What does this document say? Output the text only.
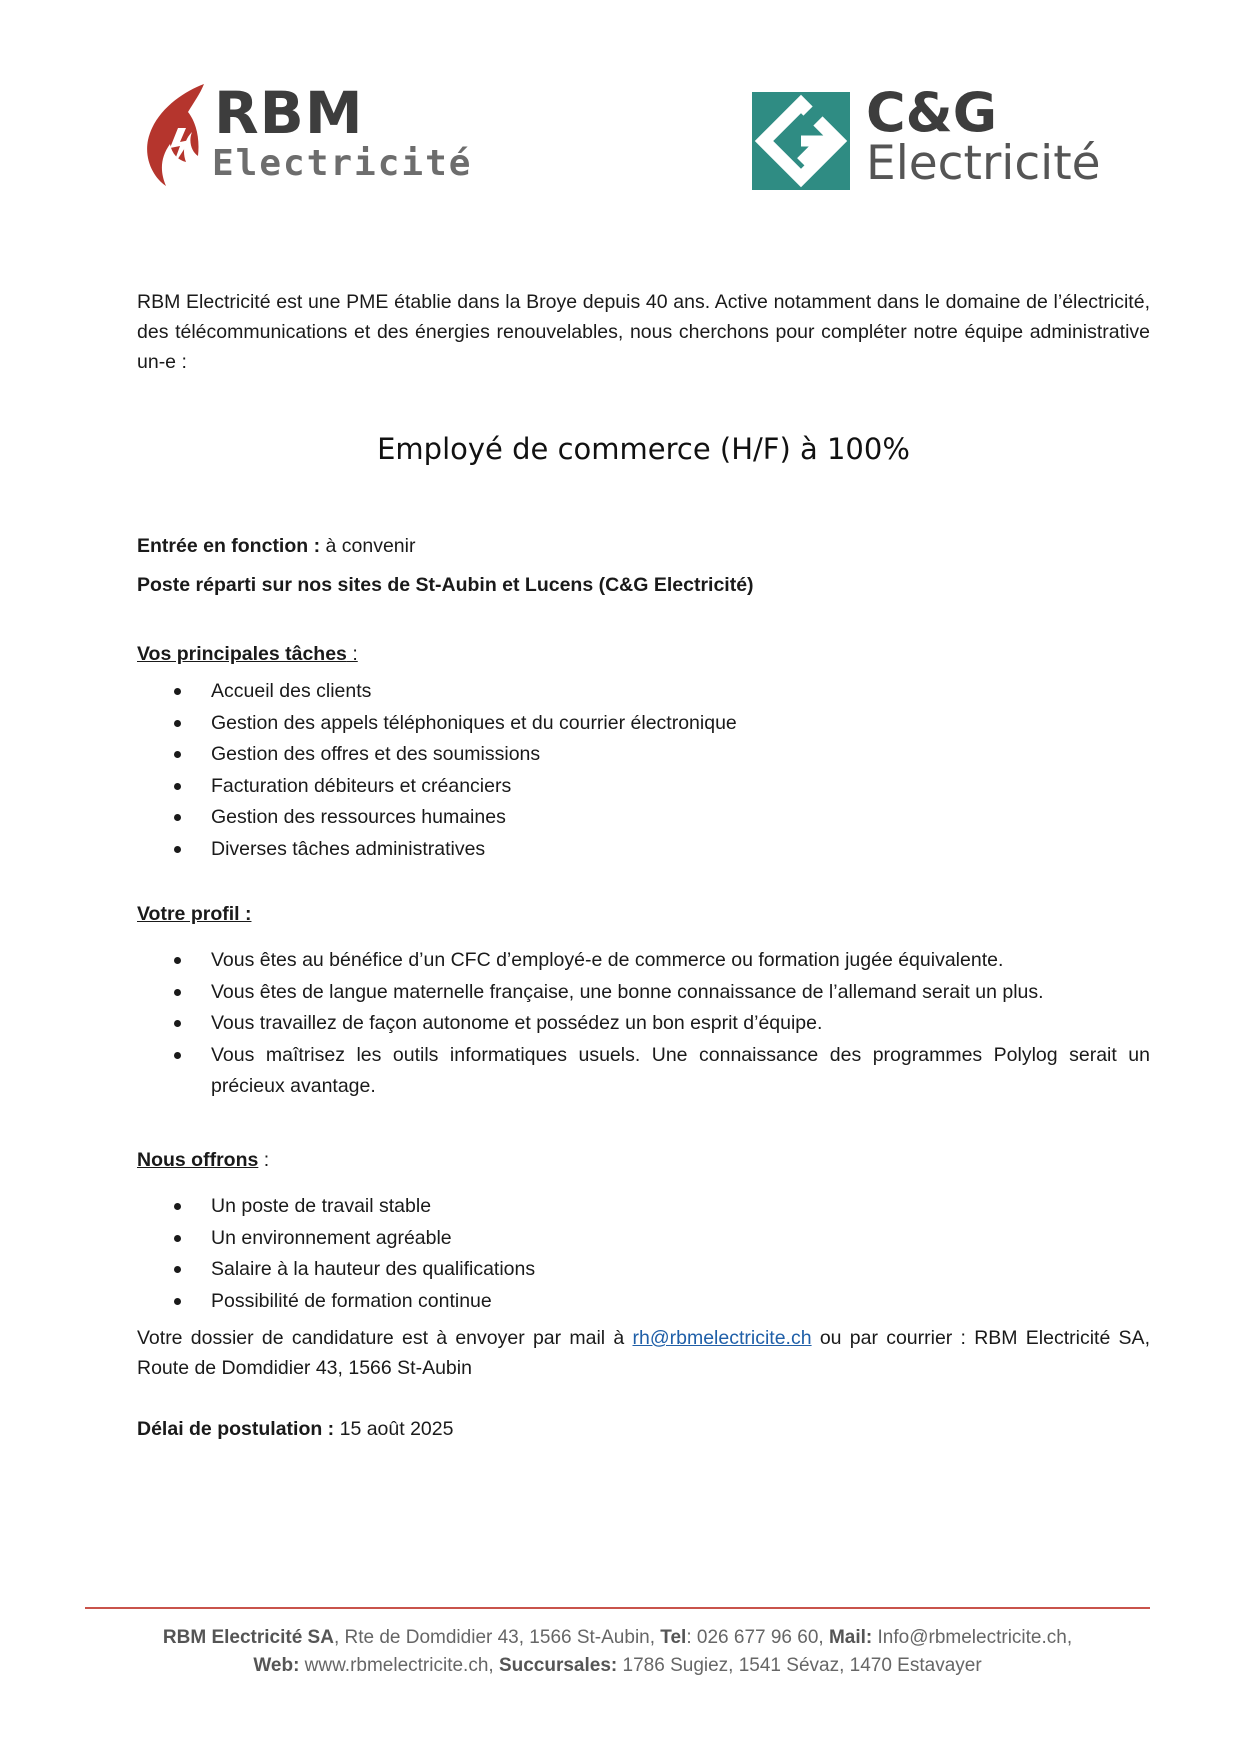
RBM
Electricité
C&G
Electricité

RBM Electricité est une PME établie dans la Broye depuis 40 ans. Active notamment dans le domaine de l’électricité, des télécommunications et des énergies renouvelables, nous cherchons pour compléter notre équipe administrative un-e :

Employé de commerce (H/F) à 100%
Entrée en fonction : à convenir
Poste réparti sur nos sites de St-Aubin et Lucens (C&G Electricité)
Vos principales tâches :
Accueil des clients
Gestion des appels téléphoniques et du courrier électronique
Gestion des offres et des soumissions
Facturation débiteurs et créanciers
Gestion des ressources humaines
Diverses tâches administratives
Votre profil :
Vous êtes au bénéfice d’un CFC d’employé-e de commerce ou formation jugée équivalente.
Vous êtes de langue maternelle française, une bonne connaissance de l’allemand serait un plus.
Vous travaillez de façon autonome et possédez un bon esprit d’équipe.
Vous maîtrisez les outils informatiques usuels. Une connaissance des programmes Polylog serait un précieux avantage.
Nous offrons :
Un poste de travail stable
Un environnement agréable
Salaire à la hauteur des qualifications
Possibilité de formation continue

Votre dossier de candidature est à envoyer par mail à rh@rbmelectricite.ch ou par courrier : RBM Electricité SA, Route de Domdidier 43, 1566 St-Aubin

Délai de postulation : 15 août 2025
RBM Electricité SA, Rte de Domdidier 43, 1566 St-Aubin, Tel: 026 677 96 60, Mail: Info@rbmelectricite.ch,
Web: www.rbmelectricite.ch, Succursales: 1786 Sugiez, 1541 Sévaz, 1470 Estavayer
